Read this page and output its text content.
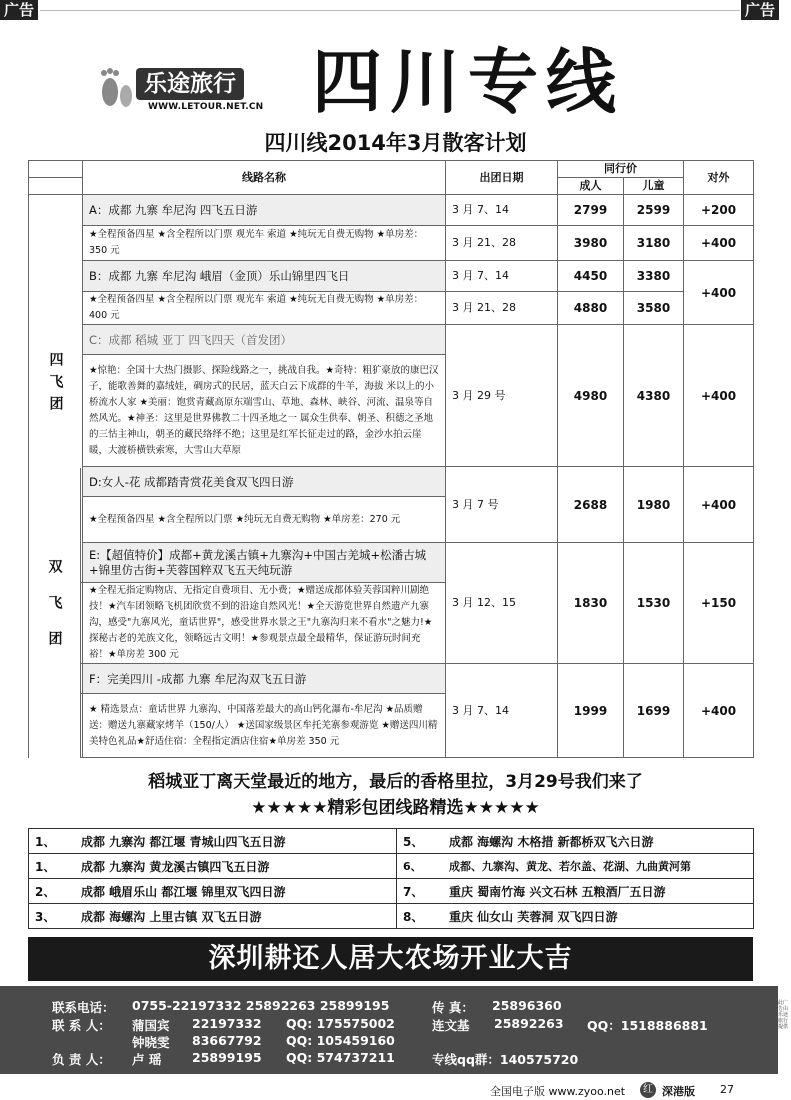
广告	广告
乐途旅行
WWW.LETOUR.NET.CN 四川专线
四川线2014年3月散客计划
	线路名称	出团日期	同行价		对外
			成人	儿童	
四飞团	A：成都 九寨 牟尼沟 四飞五日游	3 月 7、14	2799	2599	+200
	★全程预备四星 ★含全程所以门票 观光车 索道 ★纯玩无自费无购物 ★单房差：350 元	3 月 21、28	3980	3180	+400
	B：成都 九寨 牟尼沟 峨眉（金顶）乐山锦里四飞日	3 月 7、14	4450	3380	+400
	★全程预备四星 ★含全程所以门票 观光车 索道 ★纯玩无自费无购物 ★单房差：400 元	3 月 21、28	4880	3580	
	C：成都 稻城 亚丁 四飞四天（首发团）	3 月 29 号	4980	4380	+400
	★惊艳：全国十大热门摄影、探险线路之一，挑战自我。★奇特：粗犷豪放的康巴汉子，能歌善舞的嘉绒娃，碉房式的民居，蓝天白云下成群的牛羊，海拔 米以上的小桥流水人家 ★美丽：饱赏青藏高原东端雪山、草地、森林、峡谷、河流、温泉等自然风光。★神圣：这里是世界佛教二十四圣地之一 属众生供奉、朝圣、积德之圣地 的三怙主神山，朝圣的藏民络绎不绝；这里是红军长征走过的路，金沙水拍云崖暖，大渡桥横铁索寒，大雪山大草原				
	D:女人-花 成都踏青赏花美食双飞四日游	3 月 7 号	2688	1980	+400
	★全程预备四星 ★含全程所以门票 ★纯玩无自费无购物 ★单房差：270 元				
	E:【超值特价】成都+黄龙溪古镇+九寨沟+中国古羌城+松潘古城+锦里仿古街+芙蓉国粹双飞五天纯玩游	3 月 12、15	1830	1530	+150
	★全程无指定购物店、无指定自费项目、无小费；★赠送成都体验芙蓉国粹川剧绝技！★汽车团领略飞机团欣赏不到的沿途自然风光！★全天游览世界自然遗产九寨沟，感受"九寨风光，童话世界"，感受世界水景之王"九寨沟归来不看水"之魅力!★探秘古老的羌族文化，领略远古文明！★参观景点最全最精华，保证游玩时间充裕！★单房差 300 元				
	F：完美四川 -成都 九寨 牟尼沟双飞五日游	3 月 7、14	1999	1699	+400
	★ 精选景点：童话世界 九寨沟、中国落差最大的高山钙化瀑布-牟尼沟 ★品质赠送：赠送九寨藏家烤羊（150/人） ★送国家级景区牟托羌寨参观游览 ★赠送四川精美特色礼品★舒适住宿：全程指定酒店住宿★单房差 350 元				
双飞团
稻城亚丁离天堂最近的地方，最后的香格里拉，3月29号我们来了
★★★★★精彩包团线路精选★★★★★
1、 成都 九寨沟 都江堰 青城山四飞五日游	5、 成都 海螺沟 木格措 新都桥双飞六日游
1、 成都 九寨沟 黄龙溪古镇四飞五日游	6、 成都、九寨沟、黄龙、若尔盖、花湖、九曲黄河第
2、 成都 峨眉乐山 都江堰 锦里双飞四日游	7、 重庆 蜀南竹海 兴文石林 五粮酒厂五日游
3、 成都 海螺沟 上里古镇 双飞五日游	8、 重庆 仙女山 芙蓉洞 双飞四日游
深圳耕还人居大农场开业大吉
联系电话： 0755-22197332 25892263 25899195	传 真： 25896360
联 系 人： 蒲国宾 22197332 QQ: 175575002	连文基 25892263 QQ：1518886881
钟晓雯 83667792 QQ: 105459160
负 责 人： 卢 瑶 25899195 QQ: 574737211	专线qq群：140575720
此广告由乐途旅行提供
全国电子版 www.zyoo.net	红 深港版 27
